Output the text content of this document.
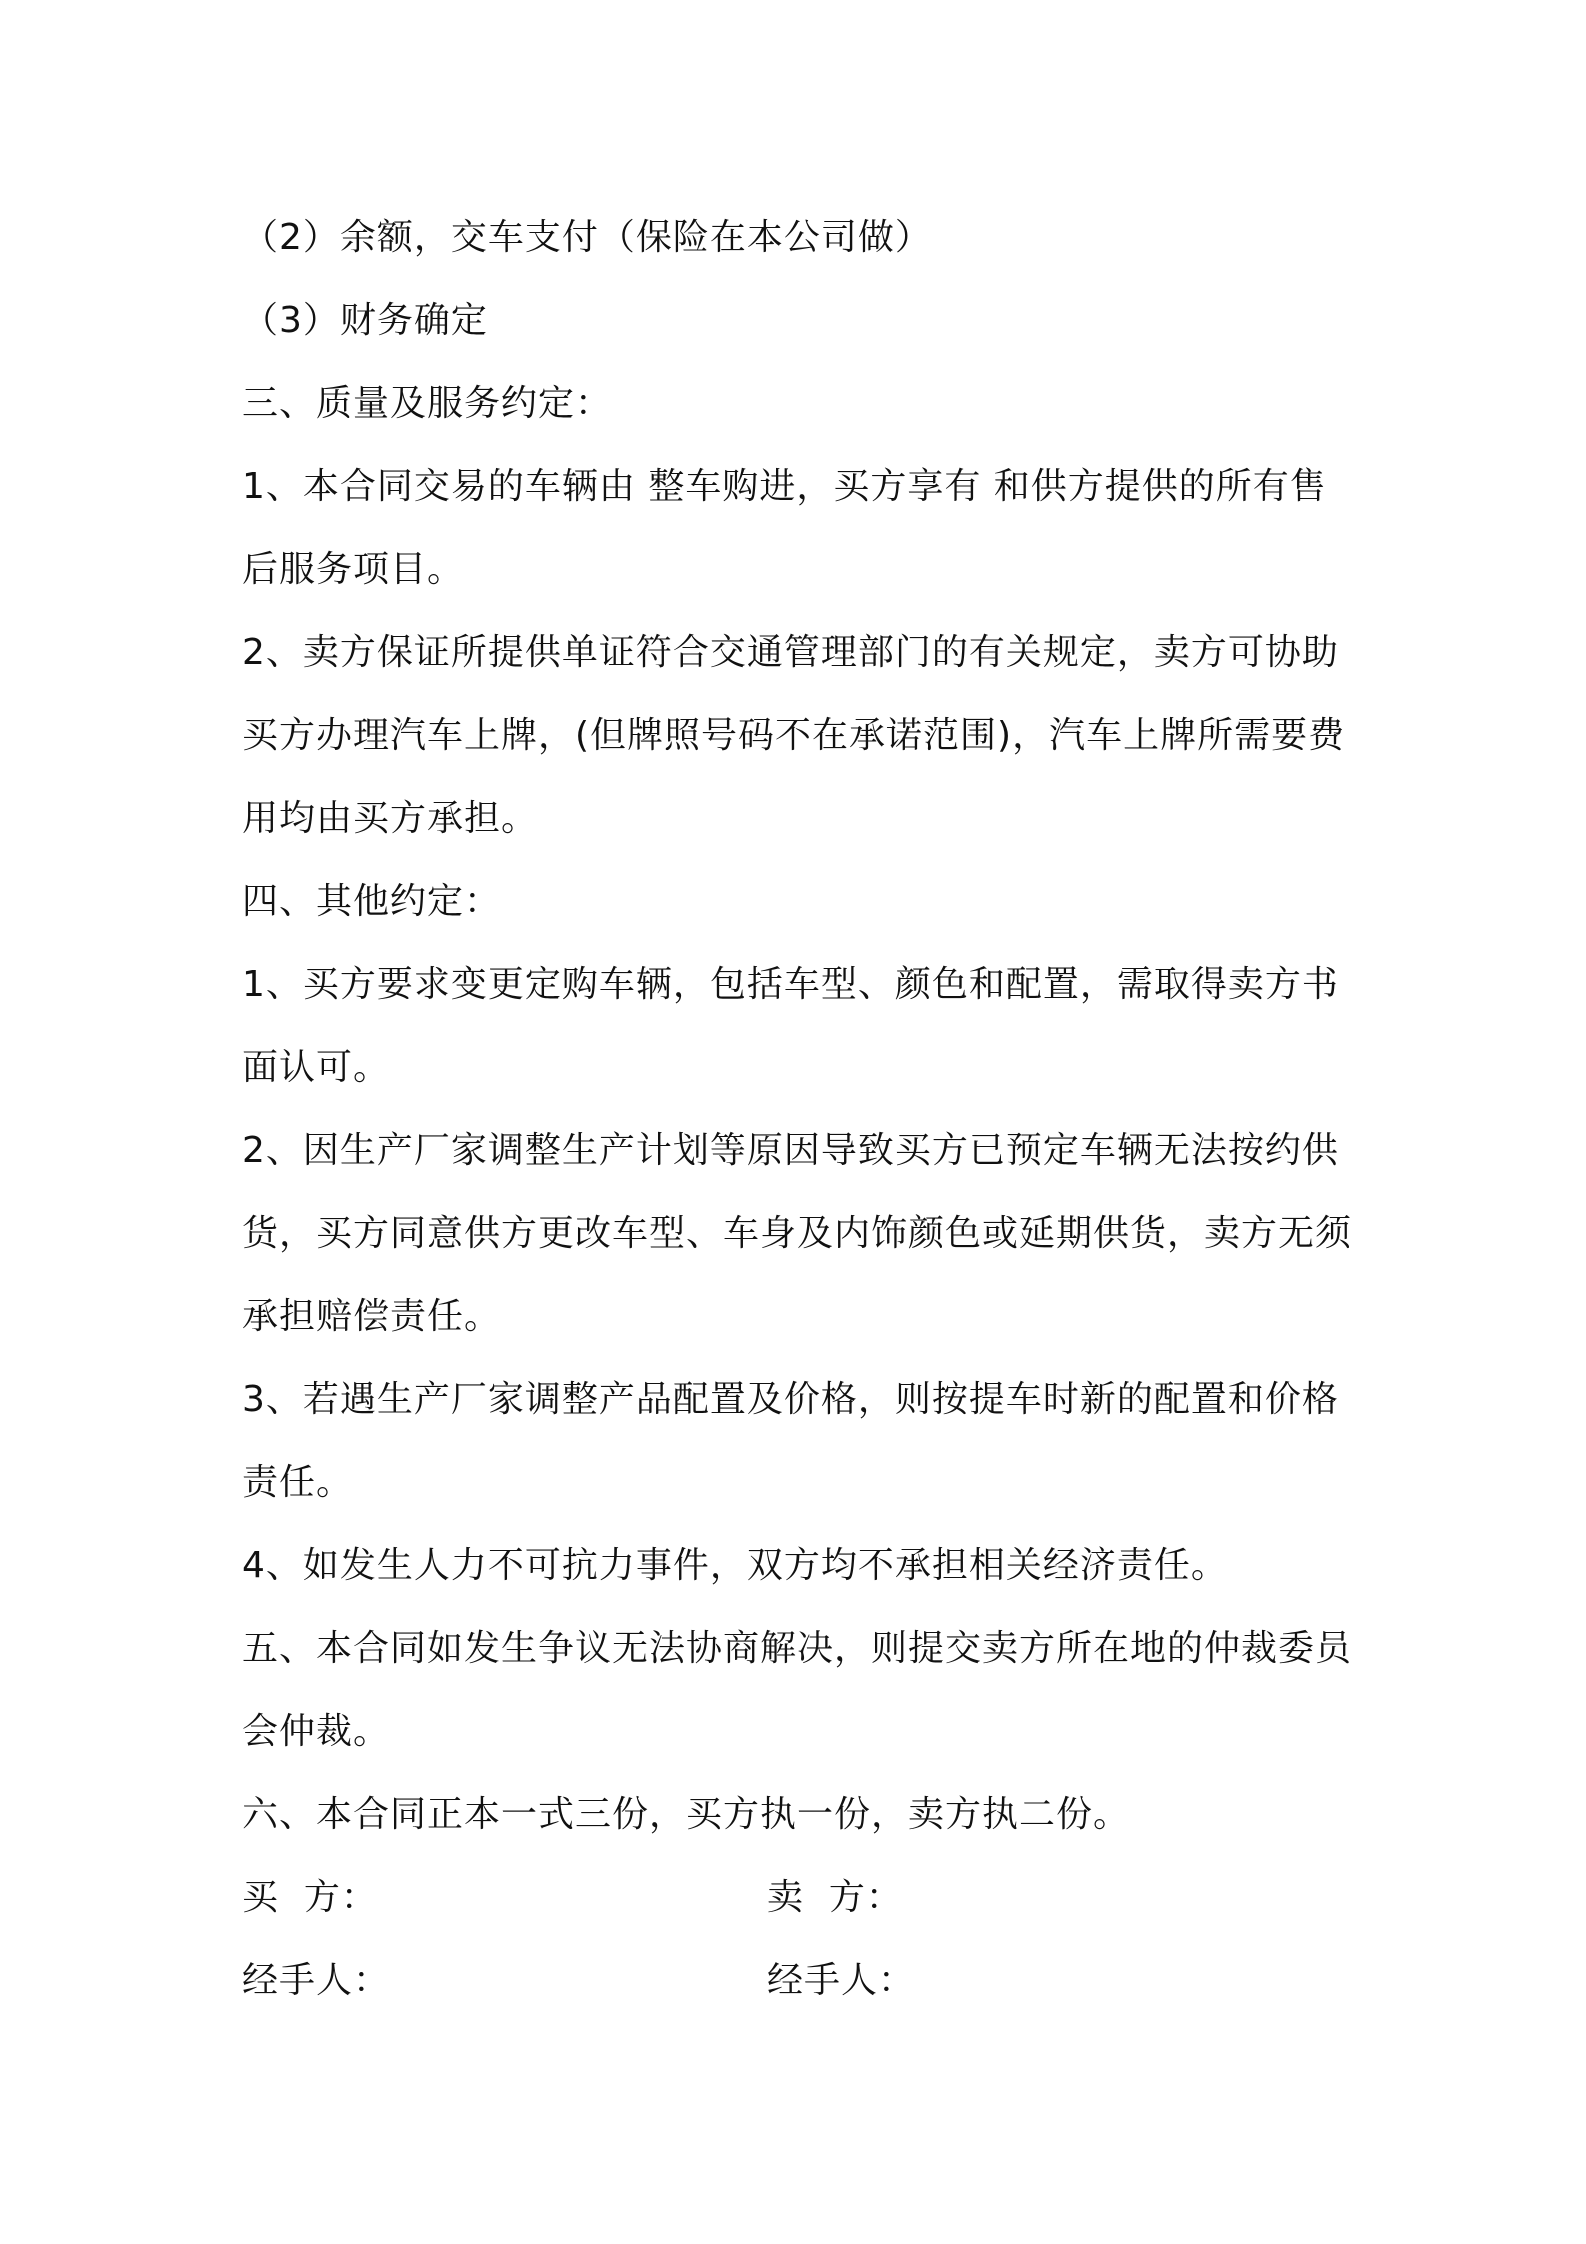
（2）余额，交车支付（保险在本公司做）

（3）财务确定

三、质量及服务约定：

1、本合同交易的车辆由 整车购进，买方享有 和供方提供的所有售后服务项目。

2、卖方保证所提供单证符合交通管理部门的有关规定，卖方可协助买方办理汽车上牌，(但牌照号码不在承诺范围)，汽车上牌所需要费用均由买方承担。

四、其他约定：

1、买方要求变更定购车辆，包括车型、颜色和配置，需取得卖方书面认可。

2、因生产厂家调整生产计划等原因导致买方已预定车辆无法按约供货，买方同意供方更改车型、车身及内饰颜色或延期供货，卖方无须承担赔偿责任。

3、若遇生产厂家调整产品配置及价格，则按提车时新的配置和价格责任。

4、如发生人力不可抗力事件，双方均不承担相关经济责任。

五、本合同如发生争议无法协商解决，则提交卖方所在地的仲裁委员会仲裁。

六、本合同正本一式三份，买方执一份，卖方执二份。

买  方：	卖  方：
经手人：	经手人：
